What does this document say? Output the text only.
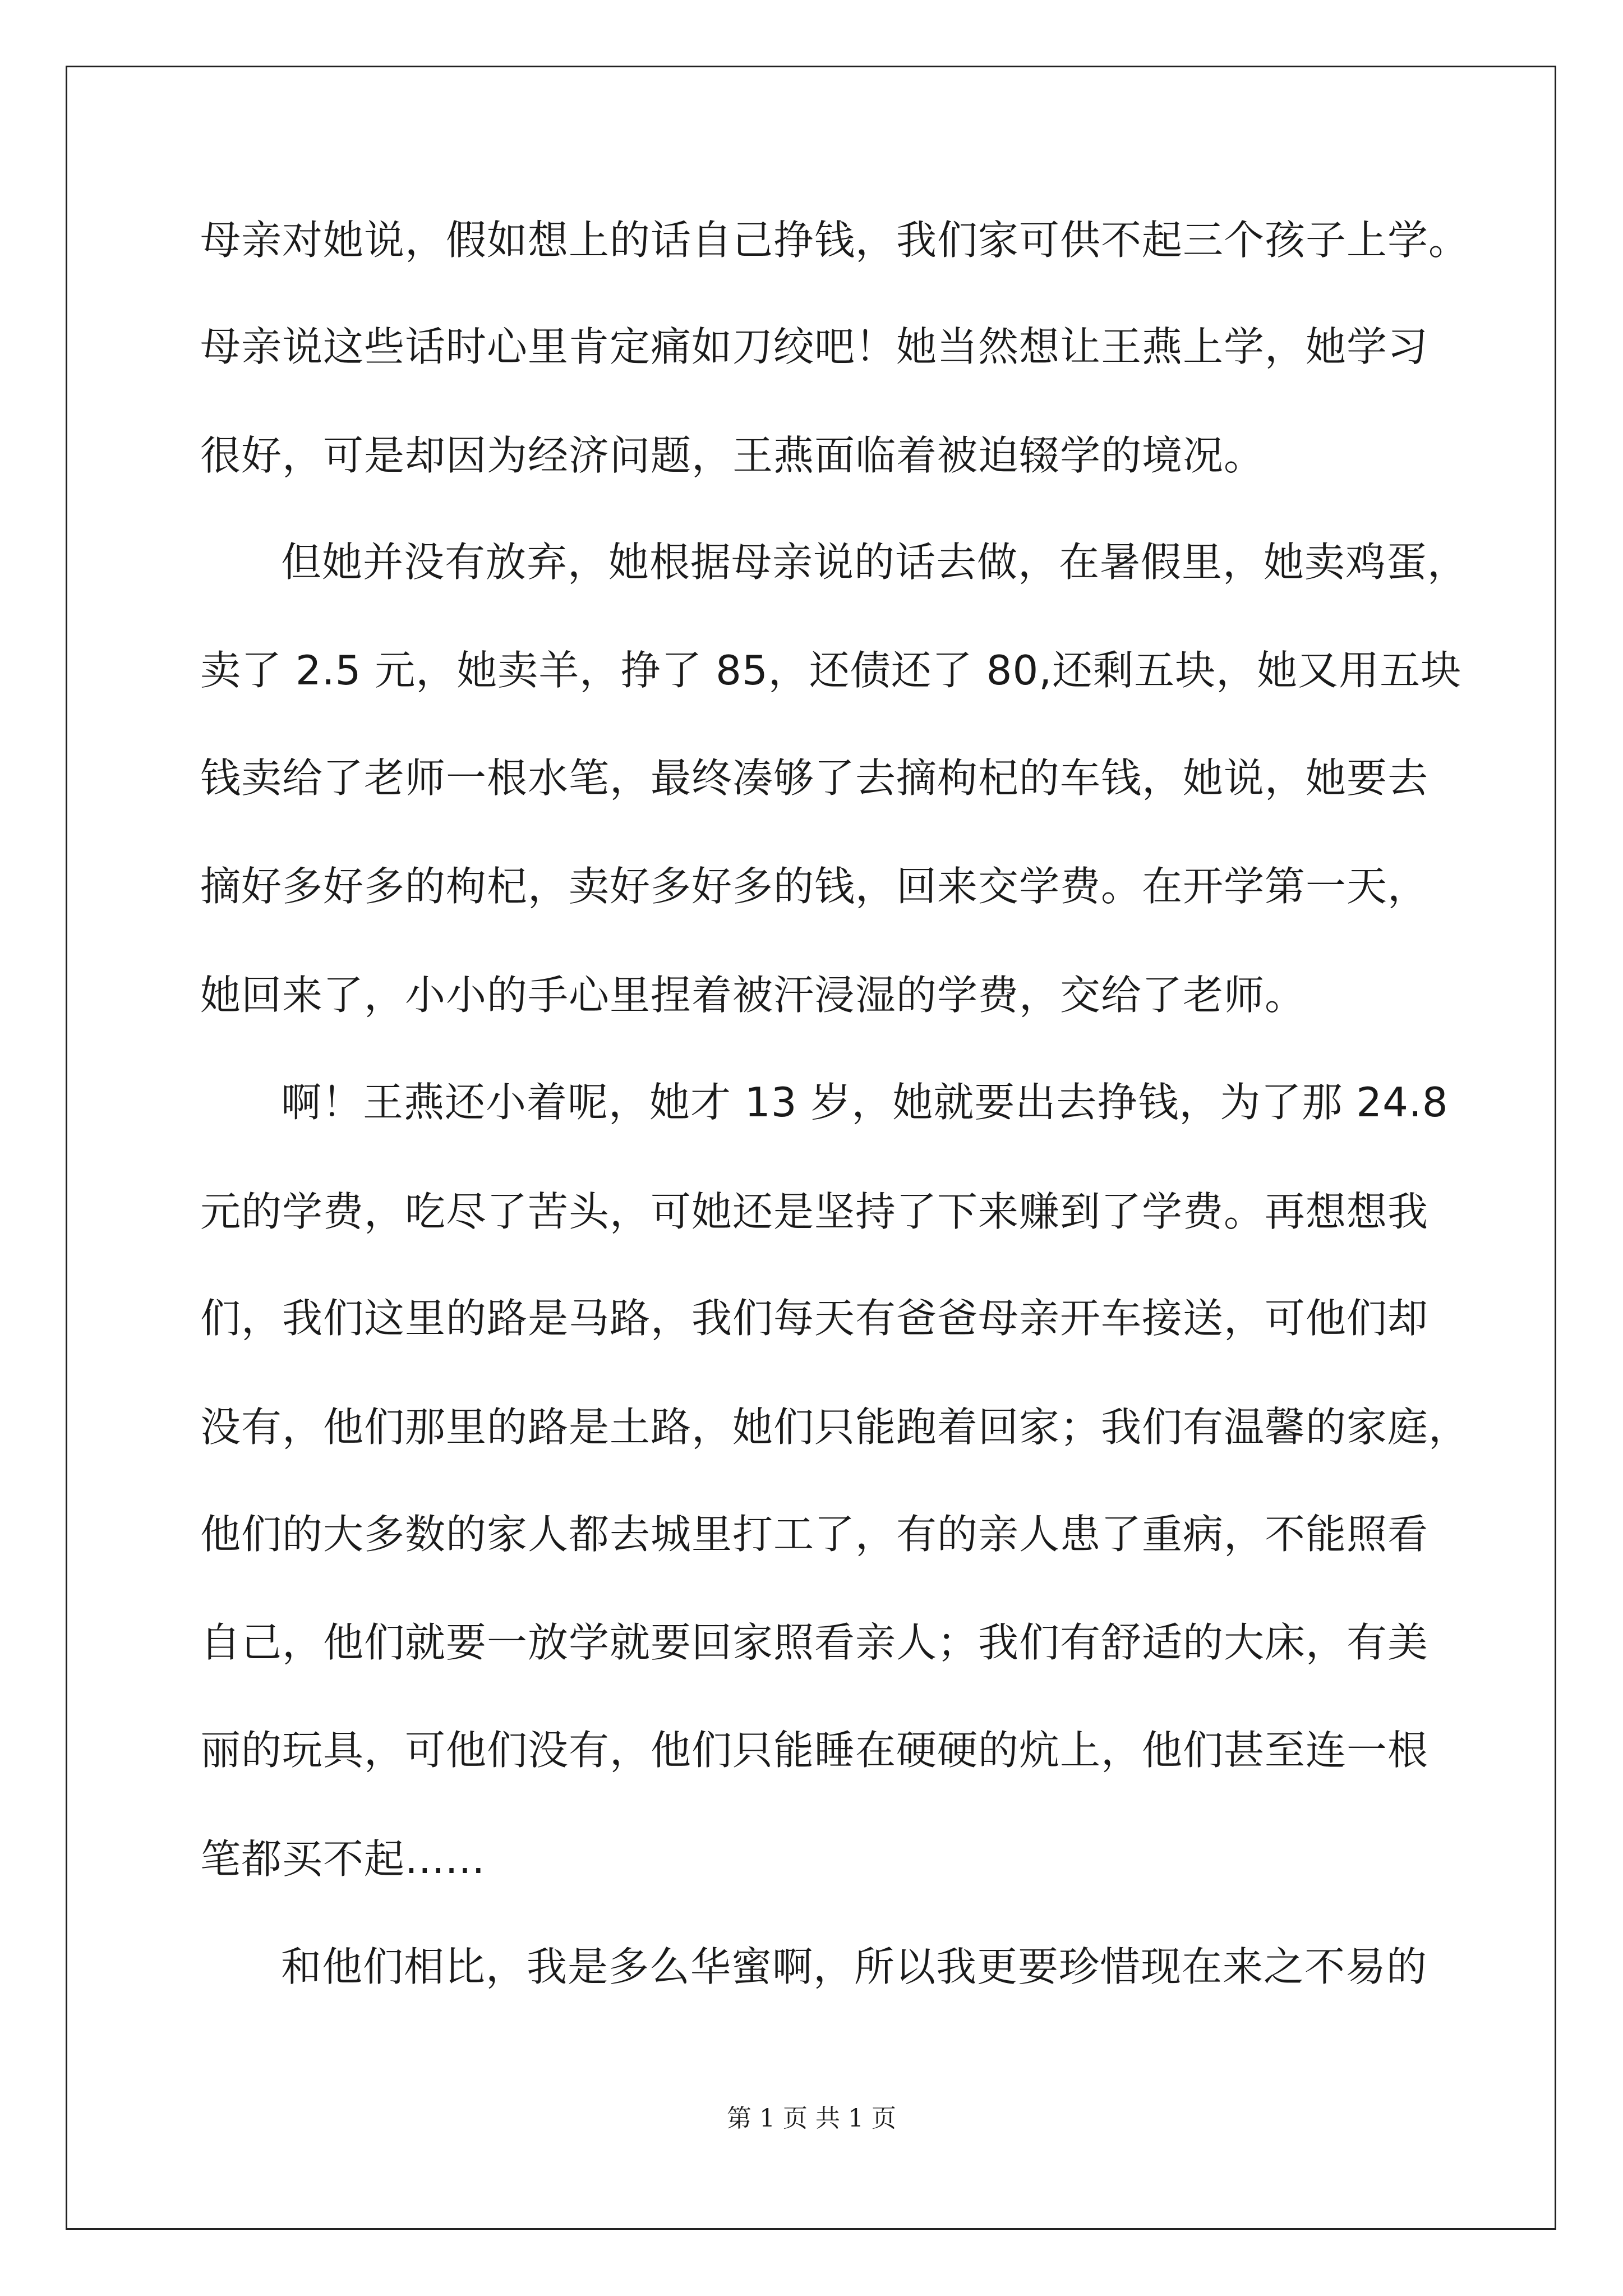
母亲对她说，假如想上的话自己挣钱，我们家可供不起三个孩子上学。

母亲说这些话时心里肯定痛如刀绞吧！她当然想让王燕上学，她学习

很好，可是却因为经济问题，王燕面临着被迫辍学的境况。

但她并没有放弃，她根据母亲说的话去做，在暑假里，她卖鸡蛋，

卖了 2.5 元，她卖羊，挣了 85，还债还了 80,还剩五块，她又用五块

钱卖给了老师一根水笔，最终凑够了去摘枸杞的车钱，她说，她要去

摘好多好多的枸杞，卖好多好多的钱，回来交学费。在开学第一天，

她回来了，小小的手心里捏着被汗浸湿的学费，交给了老师。

啊！王燕还小着呢，她才 13 岁，她就要出去挣钱，为了那 24.8

元的学费，吃尽了苦头，可她还是坚持了下来赚到了学费。再想想我

们，我们这里的路是马路，我们每天有爸爸母亲开车接送，可他们却

没有，他们那里的路是土路，她们只能跑着回家；我们有温馨的家庭，

他们的大多数的家人都去城里打工了，有的亲人患了重病，不能照看

自己，他们就要一放学就要回家照看亲人；我们有舒适的大床，有美

丽的玩具，可他们没有，他们只能睡在硬硬的炕上，他们甚至连一根

笔都买不起......

和他们相比，我是多么华蜜啊，所以我更要珍惜现在来之不易的

第 1 页 共 1 页
